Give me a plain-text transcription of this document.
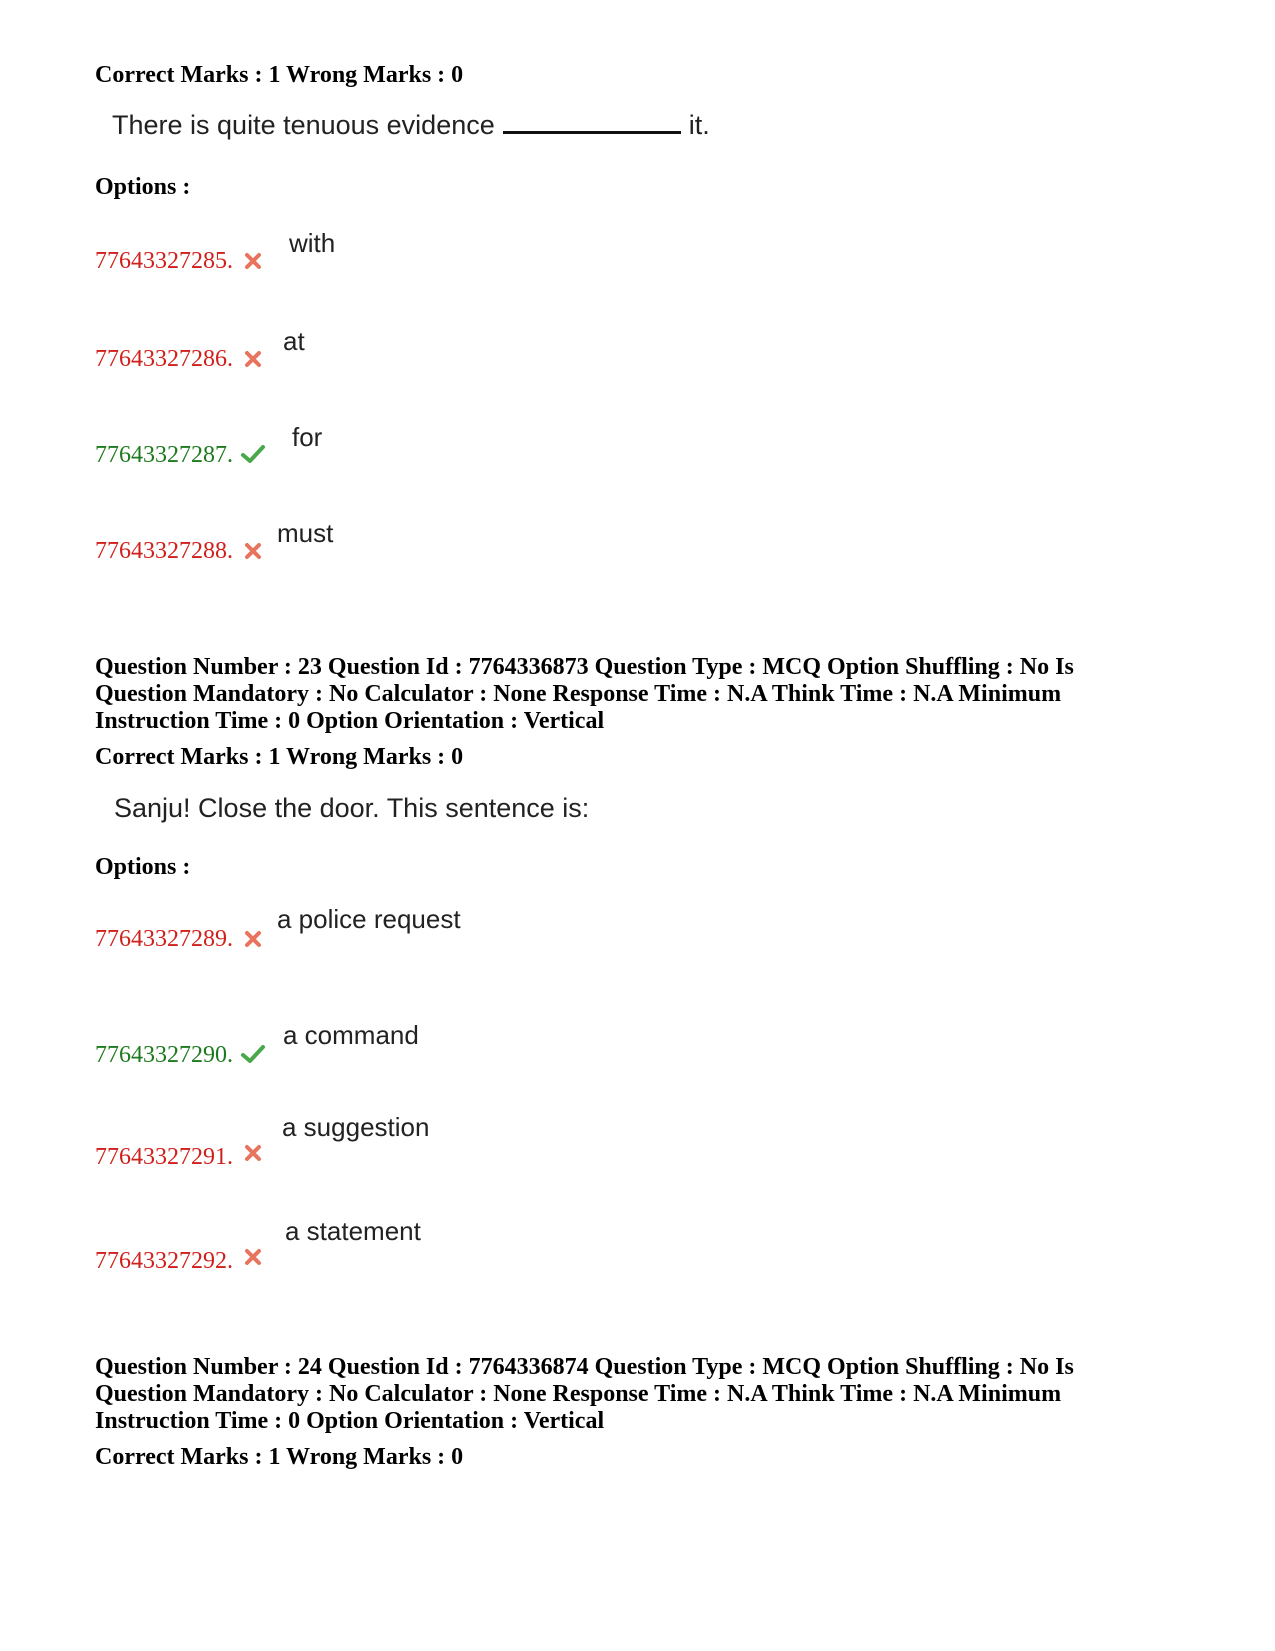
Correct Marks : 1 Wrong Marks : 0
There is quite tenuous evidence	it.
Options :
77643327285.
with
77643327286.
at
77643327287.
for
77643327288.
must
Question Number : 23 Question Id : 7764336873 Question Type : MCQ Option Shuffling : No Is
Question Mandatory : No Calculator : None Response Time : N.A Think Time : N.A Minimum
Instruction Time : 0 Option Orientation : Vertical
Correct Marks : 1 Wrong Marks : 0
Sanju! Close the door. This sentence is:
Options :
77643327289.
a police request
77643327290.
a command
77643327291.
a suggestion
77643327292.
a statement
Question Number : 24 Question Id : 7764336874 Question Type : MCQ Option Shuffling : No Is
Question Mandatory : No Calculator : None Response Time : N.A Think Time : N.A Minimum
Instruction Time : 0 Option Orientation : Vertical
Correct Marks : 1 Wrong Marks : 0
